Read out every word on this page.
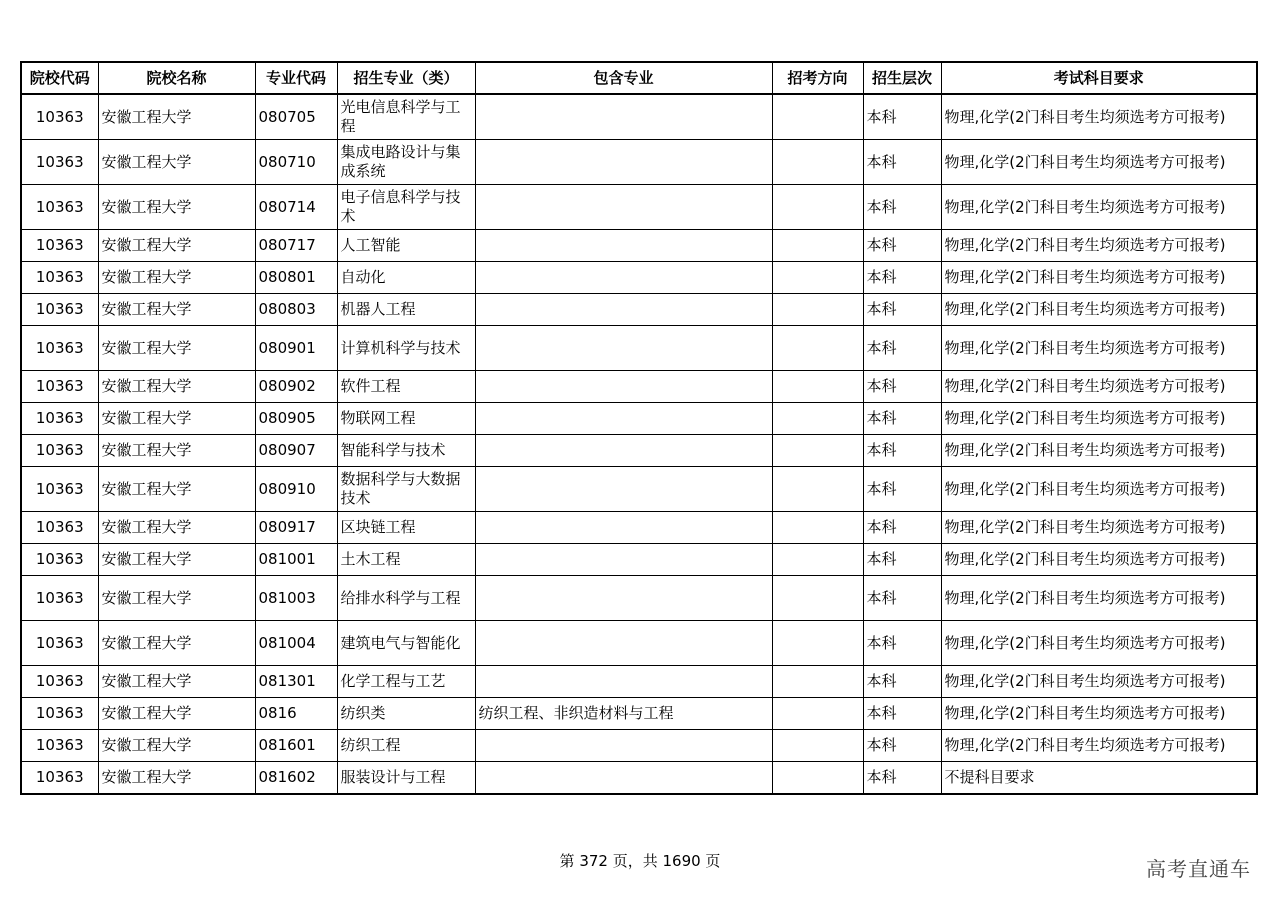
院校代码	院校名称	专业代码	招生专业（类）	包含专业	招考方向	招生层次	考试科目要求
10363	安徽工程大学	080705	光电信息科学与工程			本科	物理,化学(2门科目考生均须选考方可报考)
10363	安徽工程大学	080710	集成电路设计与集成系统			本科	物理,化学(2门科目考生均须选考方可报考)
10363	安徽工程大学	080714	电子信息科学与技术			本科	物理,化学(2门科目考生均须选考方可报考)
10363	安徽工程大学	080717	人工智能			本科	物理,化学(2门科目考生均须选考方可报考)
10363	安徽工程大学	080801	自动化			本科	物理,化学(2门科目考生均须选考方可报考)
10363	安徽工程大学	080803	机器人工程			本科	物理,化学(2门科目考生均须选考方可报考)
10363	安徽工程大学	080901	计算机科学与技术			本科	物理,化学(2门科目考生均须选考方可报考)
10363	安徽工程大学	080902	软件工程			本科	物理,化学(2门科目考生均须选考方可报考)
10363	安徽工程大学	080905	物联网工程			本科	物理,化学(2门科目考生均须选考方可报考)
10363	安徽工程大学	080907	智能科学与技术			本科	物理,化学(2门科目考生均须选考方可报考)
10363	安徽工程大学	080910	数据科学与大数据技术			本科	物理,化学(2门科目考生均须选考方可报考)
10363	安徽工程大学	080917	区块链工程			本科	物理,化学(2门科目考生均须选考方可报考)
10363	安徽工程大学	081001	土木工程			本科	物理,化学(2门科目考生均须选考方可报考)
10363	安徽工程大学	081003	给排水科学与工程			本科	物理,化学(2门科目考生均须选考方可报考)
10363	安徽工程大学	081004	建筑电气与智能化			本科	物理,化学(2门科目考生均须选考方可报考)
10363	安徽工程大学	081301	化学工程与工艺			本科	物理,化学(2门科目考生均须选考方可报考)
10363	安徽工程大学	0816	纺织类	纺织工程、非织造材料与工程		本科	物理,化学(2门科目考生均须选考方可报考)
10363	安徽工程大学	081601	纺织工程			本科	物理,化学(2门科目考生均须选考方可报考)
10363	安徽工程大学	081602	服装设计与工程			本科	不提科目要求
第 372 页，共 1690 页	高考直通车
